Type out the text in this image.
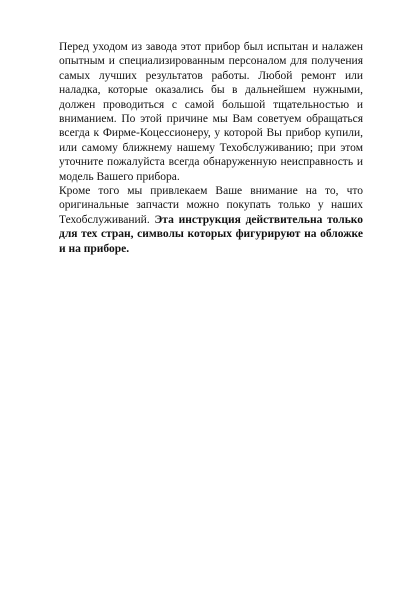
Перед уходом из завода этот прибор был испытан и налажен опытным и специализированным персоналом для получения самых лучших результатов работы. Любой ремонт или наладка, которые оказались бы в дальнейшем нужными, должен проводиться с самой большой тщательностью и вниманием. По этой причине мы Вам советуем обращаться всегда к Фирме-Коцессионеру, у которой Вы прибор купили, или самому ближнему нашему Техобслуживанию; при этом уточните пожалуйста всегда обнаруженную неисправность и модель Вашего прибора.

Кроме того мы привлекаем Ваше внимание на то, что оригинальные запчасти можно покупать только у наших Техобслуживаний. Эта инструкция действительна только для тех стран, символы которых фигурируют на обложке и на приборе.
